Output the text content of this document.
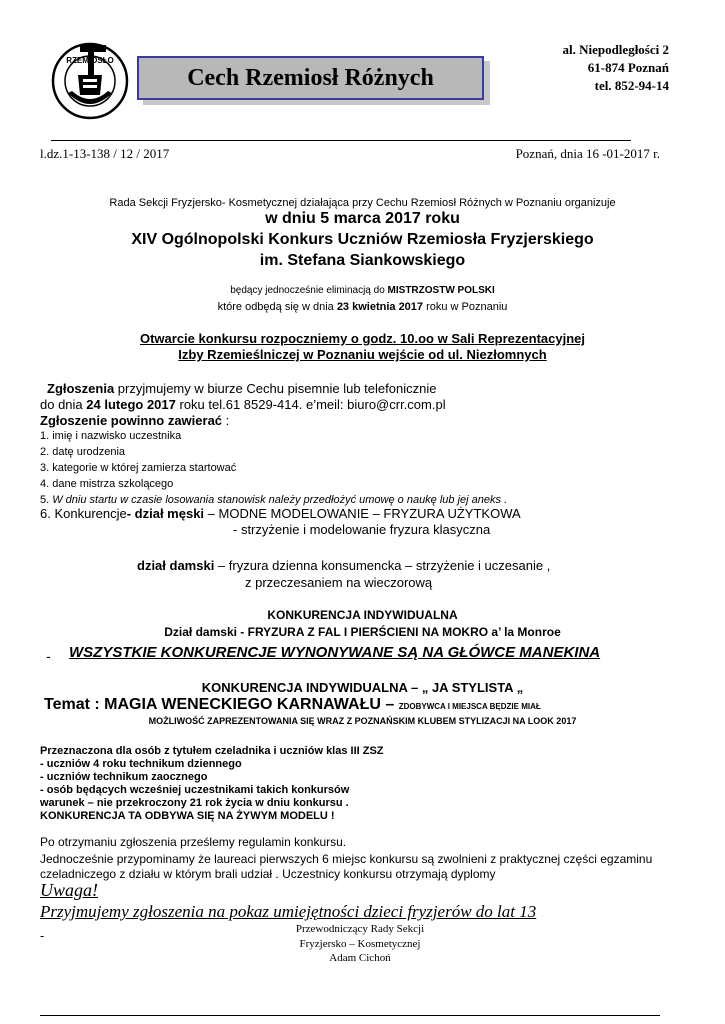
RZEMIOSŁO
Cech Rzemiosł Różnych
al. Niepodległości 2
61-874 Poznań
tel. 852-94-14
l.dz.1-13-138 / 12 / 2017	Poznań, dnia 16 -01-2017 r.
Rada Sekcji Fryzjersko- Kosmetycznej działająca przy Cechu Rzemiosł Różnych w Poznaniu organizuje
w dniu 5 marca 2017 roku
XIV Ogólnopolski Konkurs Uczniów Rzemiosła Fryzjerskiego
im. Stefana Siankowskiego
będący jednocześnie eliminacją do MISTRZOSTW POLSKI
które odbędą się w dnia 23 kwietnia 2017 roku w Poznaniu
Otwarcie konkursu rozpoczniemy o godz. 10.oo w Sali Reprezentacyjnej
Izby Rzemieślniczej w Poznaniu wejście od ul. Niezłomnych
Zgłoszenia przyjmujemy w biurze Cechu pisemnie lub telefonicznie
do dnia 24 lutego 2017 roku tel.61 8529-414. e’meil: biuro@crr.com.pl
Zgłoszenie powinno zawierać :
1. imię i nazwisko uczestnika
2. datę urodzenia
3. kategorie w której zamierza startować
4. dane mistrza szkolącego
5. W dniu startu w czasie losowania stanowisk należy przedłożyć umowę o naukę lub jej aneks .
6. Konkurencje- dział męski – MODNE MODELOWANIE – FRYZURA UŻYTKOWA
- strzyżenie i modelowanie fryzura klasyczna
dział damski – fryzura dzienna konsumencka – strzyżenie i uczesanie ,
z przeczesaniem na wieczorową
KONKURENCJA INDYWIDUALNA
Dział damski - FRYZURA Z FAL I PIERŚCIENI NA MOKRO a’ la Monroe
- WSZYSTKIE KONKURENCJE WYNONYWANE SĄ NA GŁÓWCE MANEKINA
KONKURENCJA INDYWIDUALNA – „ JA STYLISTA „
Temat : MAGIA WENECKIEGO KARNAWAŁU – ZDOBYWCA I MIEJSCA BĘDZIE MIAŁ
MOŻLIWOŚĆ ZAPREZENTOWANIA SIĘ WRAZ Z POZNAŃSKIM KLUBEM STYLIZACJI NA LOOK 2017
Przeznaczona dla osób z tytułem czeladnika i uczniów klas III ZSZ
- uczniów 4 roku technikum dziennego
- uczniów technikum zaocznego
- osób będących wcześniej uczestnikami takich konkursów
warunek – nie przekroczony 21 rok życia w dniu konkursu .
KONKURENCJA TA ODBYWA SIĘ NA ŻYWYM MODELU !
Po otrzymaniu zgłoszenia prześlemy regulamin konkursu.
Jednocześnie przypominamy że laureaci pierwszych 6 miejsc konkursu są zwolnieni z praktycznej części egzaminu
czeladniczego z działu w którym brali udział . Uczestnicy konkursu otrzymają dyplomy
Uwaga!
Przyjmujemy zgłoszenia na pokaz umiejętności dzieci fryzjerów do lat 13
-	Przewodniczący Rady Sekcji
Fryzjersko – Kosmetycznej
Adam Cichoń
